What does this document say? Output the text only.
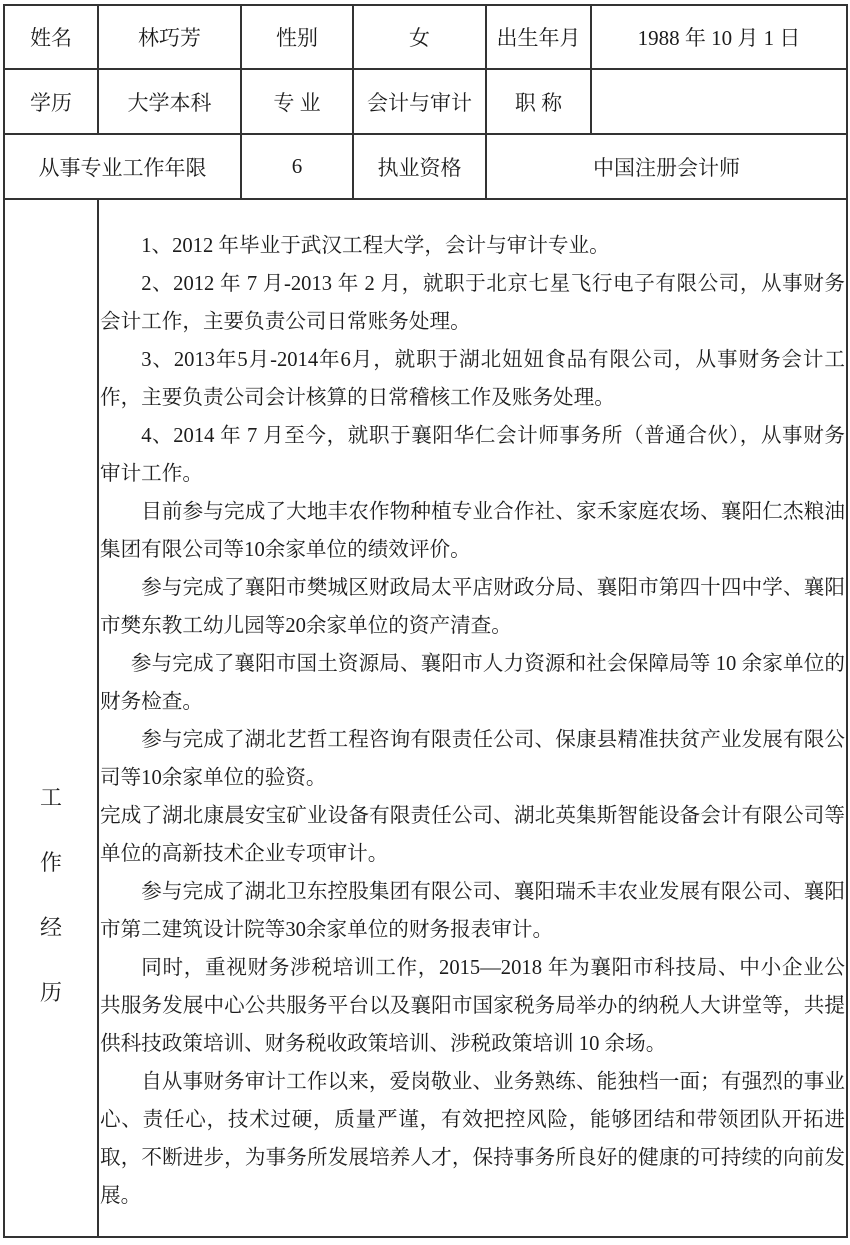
姓名	林巧芳	性别	女	出生年月	1988 年 10 月 1 日
学历	大学本科	专 业	会计与审计	职 称	
从事专业工作年限		6	执业资格	中国注册会计师	

工
作
经
历

1、2012 年毕业于武汉工程大学，会计与审计专业。

2、2012 年 7 月-2013 年 2 月，就职于北京七星飞行电子有限公司，从事财务会计工作，主要负责公司日常账务处理。

3、2013年5月-2014年6月，就职于湖北妞妞食品有限公司，从事财务会计工作，主要负责公司会计核算的日常稽核工作及账务处理。

4、2014 年 7 月至今，就职于襄阳华仁会计师事务所（普通合伙），从事财务审计工作。

目前参与完成了大地丰农作物种植专业合作社、家禾家庭农场、襄阳仁杰粮油集团有限公司等10余家单位的绩效评价。

参与完成了襄阳市樊城区财政局太平店财政分局、襄阳市第四十四中学、襄阳市樊东教工幼儿园等20余家单位的资产清查。

参与完成了襄阳市国土资源局、襄阳市人力资源和社会保障局等 10 余家单位的财务检查。

参与完成了湖北艺哲工程咨询有限责任公司、保康县精准扶贫产业发展有限公司等10余家单位的验资。

完成了湖北康晨安宝矿业设备有限责任公司、湖北英集斯智能设备会计有限公司等单位的高新技术企业专项审计。

参与完成了湖北卫东控股集团有限公司、襄阳瑞禾丰农业发展有限公司、襄阳市第二建筑设计院等30余家单位的财务报表审计。

同时，重视财务涉税培训工作，2015—2018 年为襄阳市科技局、中小企业公共服务发展中心公共服务平台以及襄阳市国家税务局举办的纳税人大讲堂等，共提供科技政策培训、财务税收政策培训、涉税政策培训 10 余场。

自从事财务审计工作以来，爱岗敬业、业务熟练、能独档一面；有强烈的事业心、责任心，技术过硬，质量严谨，有效把控风险，能够团结和带领团队开拓进取，不断进步，为事务所发展培养人才，保持事务所良好的健康的可持续的向前发展。
